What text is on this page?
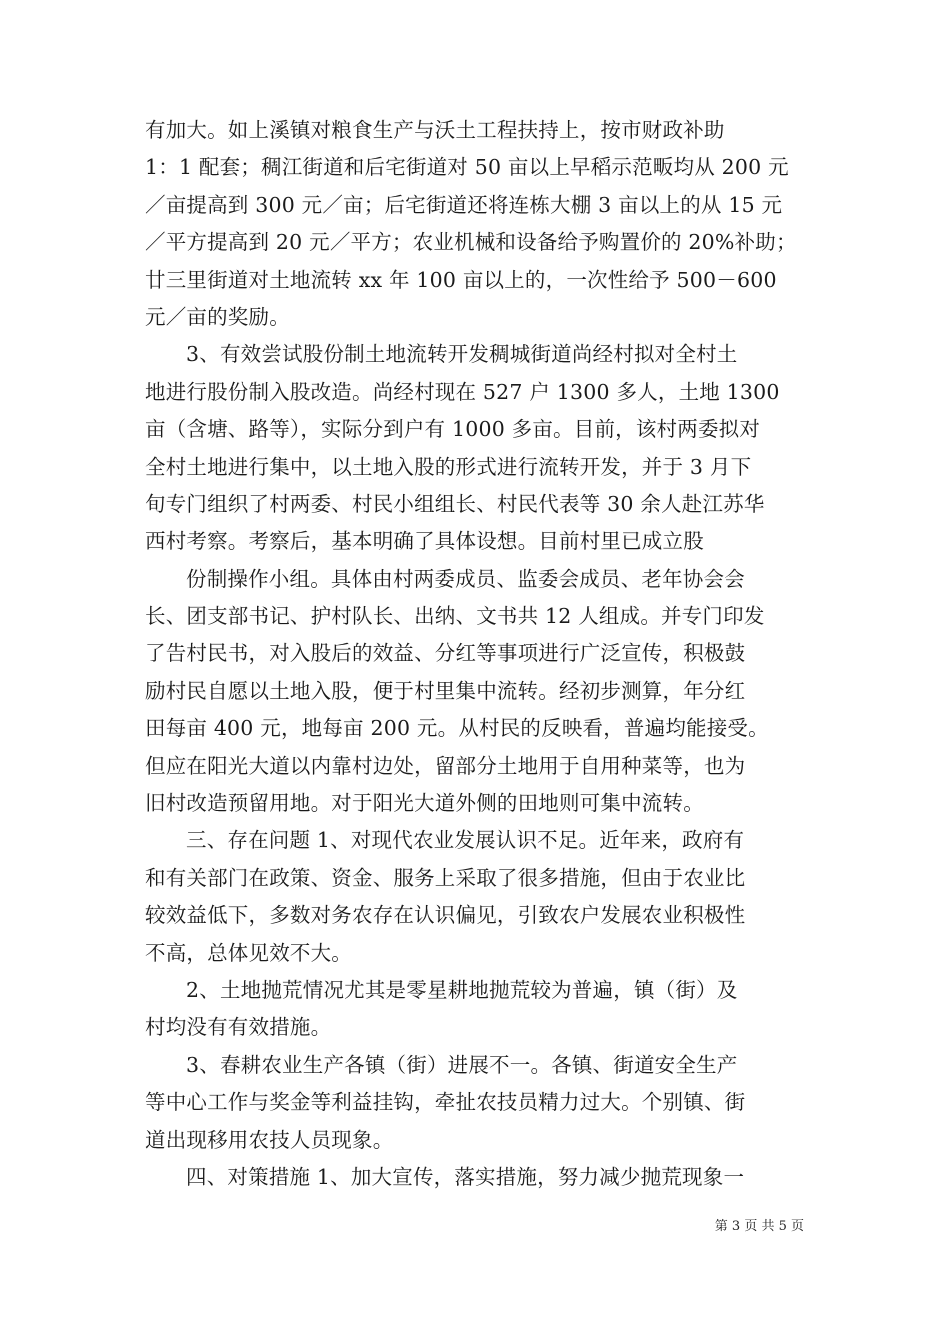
有加大。如上溪镇对粮食生产与沃土工程扶持上，按市财政补助
1：1 配套；稠江街道和后宅街道对 50 亩以上早稻示范畈均从 200 元
／亩提高到 300 元／亩；后宅街道还将连栋大棚 3 亩以上的从 15 元
／平方提高到 20 元／平方；农业机械和设备给予购置价的 20%补助；
廿三里街道对土地流转 xx 年 100 亩以上的，一次性给予 500－600
元／亩的奖励。
3、有效尝试股份制土地流转开发稠城街道尚经村拟对全村土
地进行股份制入股改造。尚经村现在 527 户 1300 多人，土地 1300
亩（含塘、路等），实际分到户有 1000 多亩。目前，该村两委拟对
全村土地进行集中，以土地入股的形式进行流转开发，并于 3 月下
旬专门组织了村两委、村民小组组长、村民代表等 30 余人赴江苏华
西村考察。考察后，基本明确了具体设想。目前村里已成立股
份制操作小组。具体由村两委成员、监委会成员、老年协会会
长、团支部书记、护村队长、出纳、文书共 12 人组成。并专门印发
了告村民书，对入股后的效益、分红等事项进行广泛宣传，积极鼓
励村民自愿以土地入股，便于村里集中流转。经初步测算，年分红
田每亩 400 元，地每亩 200 元。从村民的反映看，普遍均能接受。
但应在阳光大道以内靠村边处，留部分土地用于自用种菜等，也为
旧村改造预留用地。对于阳光大道外侧的田地则可集中流转。
三、存在问题 1、对现代农业发展认识不足。近年来，政府有
和有关部门在政策、资金、服务上采取了很多措施，但由于农业比
较效益低下，多数对务农存在认识偏见，引致农户发展农业积极性
不高，总体见效不大。
2、土地抛荒情况尤其是零星耕地抛荒较为普遍，镇（街）及
村均没有有效措施。
3、春耕农业生产各镇（街）进展不一。各镇、街道安全生产
等中心工作与奖金等利益挂钩，牵扯农技员精力过大。个别镇、街
道出现移用农技人员现象。
四、对策措施 1、加大宣传，落实措施，努力减少抛荒现象一
第 3 页 共 5 页
